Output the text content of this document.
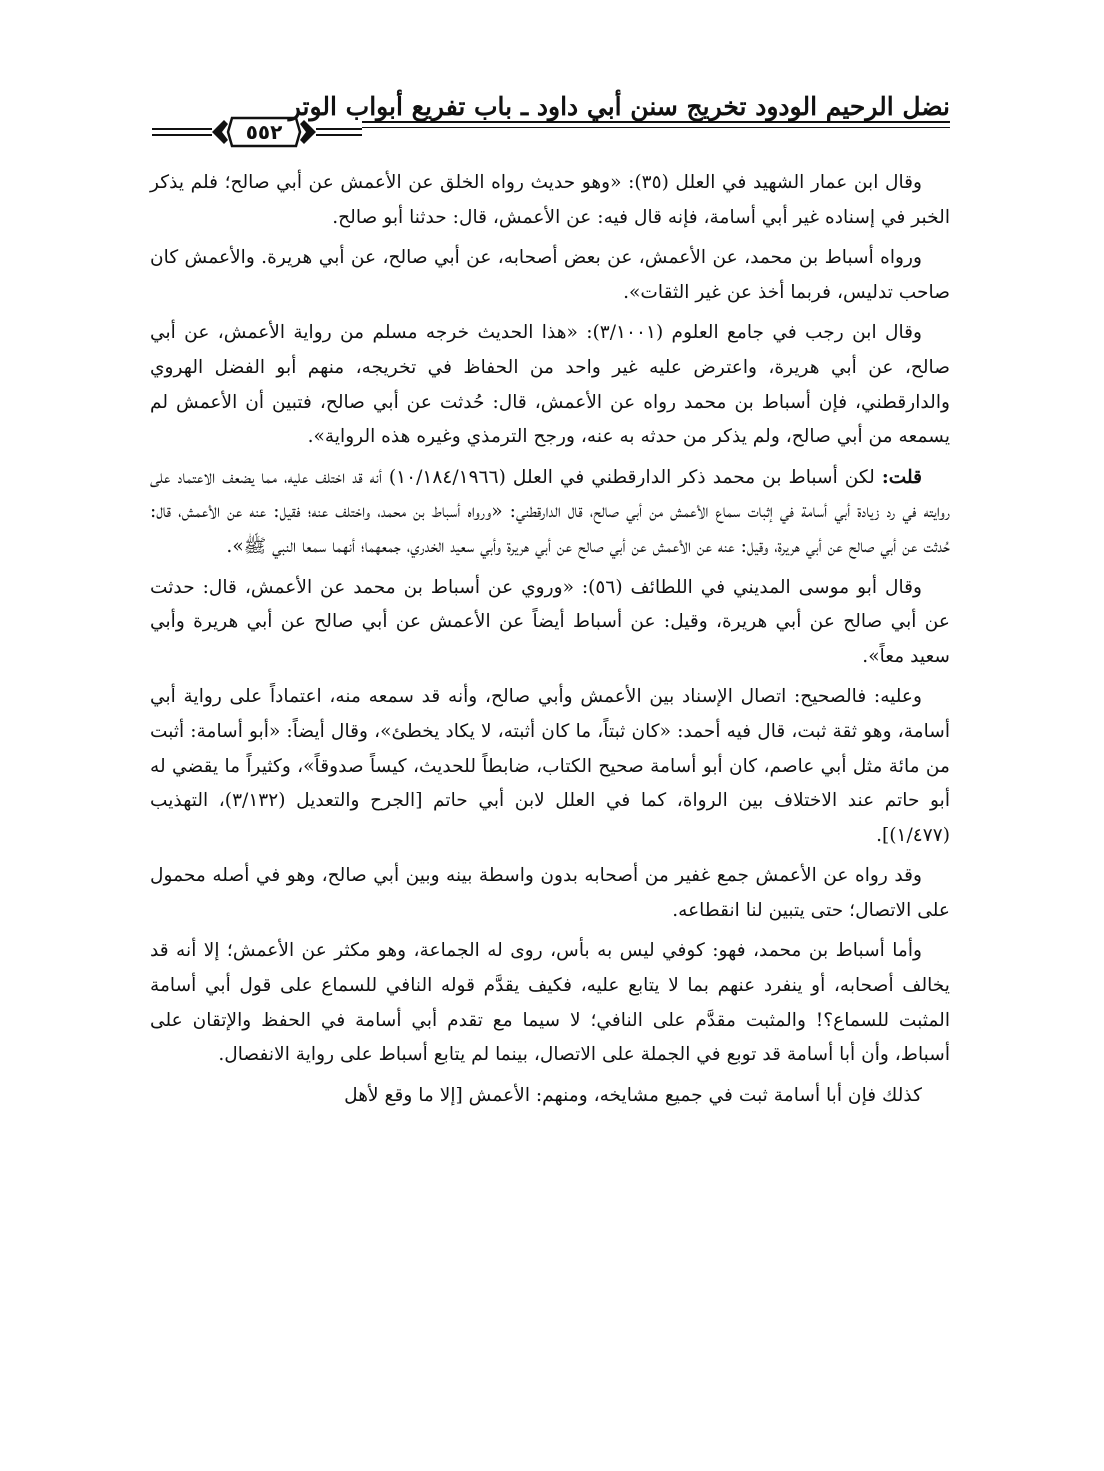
نضل الرحيم الودود تخريج سنن أبي داود ـ باب تفريع أبواب الوتر
٥٥٢

وقال ابن عمار الشهيد في العلل (٣٥): «وهو حديث رواه الخلق عن الأعمش عن أبي صالح؛ فلم يذكر الخبر في إسناده غير أبي أسامة، فإنه قال فيه: عن الأعمش، قال: حدثنا أبو صالح.

ورواه أسباط بن محمد، عن الأعمش، عن بعض أصحابه، عن أبي صالح، عن أبي هريرة. والأعمش كان صاحب تدليس، فربما أخذ عن غير الثقات».

وقال ابن رجب في جامع العلوم (٣/١٠٠١): «هذا الحديث خرجه مسلم من رواية الأعمش، عن أبي صالح، عن أبي هريرة، واعترض عليه غير واحد من الحفاظ في تخريجه، منهم أبو الفضل الهروي والدارقطني، فإن أسباط بن محمد رواه عن الأعمش، قال: حُدثت عن أبي صالح، فتبين أن الأعمش لم يسمعه من أبي صالح، ولم يذكر من حدثه به عنه، ورجح الترمذي وغيره هذه الرواية».

قلت: لكن أسباط بن محمد ذكر الدارقطني في العلل (١٠/١٨٤/١٩٦٦) أنه قد اختلف عليه، مما يضعف الاعتماد على روايته في رد زيادة أبي أسامة في إثبات سماع الأعمش من أبي صالح، قال الدارقطني: «ورواه أسباط بن محمد، واختلف عنه؛ فقيل: عنه عن الأعمش، قال: حُدثت عن أبي صالح عن أبي هريرة، وقيل: عنه عن الأعمش عن أبي صالح عن أبي هريرة وأبي سعيد الخدري، جمعهما؛ أنهما سمعا النبي ﷺ».

وقال أبو موسى المديني في اللطائف (٥٦): «وروي عن أسباط بن محمد عن الأعمش، قال: حدثت عن أبي صالح عن أبي هريرة، وقيل: عن أسباط أيضاً عن الأعمش عن أبي صالح عن أبي هريرة وأبي سعيد معاً».

وعليه: فالصحيح: اتصال الإسناد بين الأعمش وأبي صالح، وأنه قد سمعه منه، اعتماداً على رواية أبي أسامة، وهو ثقة ثبت، قال فيه أحمد: «كان ثبتاً، ما كان أثبته، لا يكاد يخطئ»، وقال أيضاً: «أبو أسامة: أثبت من مائة مثل أبي عاصم، كان أبو أسامة صحيح الكتاب، ضابطاً للحديث، كيساً صدوقاً»، وكثيراً ما يقضي له أبو حاتم عند الاختلاف بين الرواة، كما في العلل لابن أبي حاتم [الجرح والتعديل (٣/١٣٢)، التهذيب (١/٤٧٧)].

وقد رواه عن الأعمش جمع غفير من أصحابه بدون واسطة بينه وبين أبي صالح، وهو في أصله محمول على الاتصال؛ حتى يتبين لنا انقطاعه.

وأما أسباط بن محمد، فهو: كوفي ليس به بأس، روى له الجماعة، وهو مكثر عن الأعمش؛ إلا أنه قد يخالف أصحابه، أو ينفرد عنهم بما لا يتابع عليه، فكيف يقدَّم قوله النافي للسماع على قول أبي أسامة المثبت للسماع؟! والمثبت مقدَّم على النافي؛ لا سيما مع تقدم أبي أسامة في الحفظ والإتقان على أسباط، وأن أبا أسامة قد توبع في الجملة على الاتصال، بينما لم يتابع أسباط على رواية الانفصال.

كذلك فإن أبا أسامة ثبت في جميع مشايخه، ومنهم: الأعمش [إلا ما وقع لأهل
